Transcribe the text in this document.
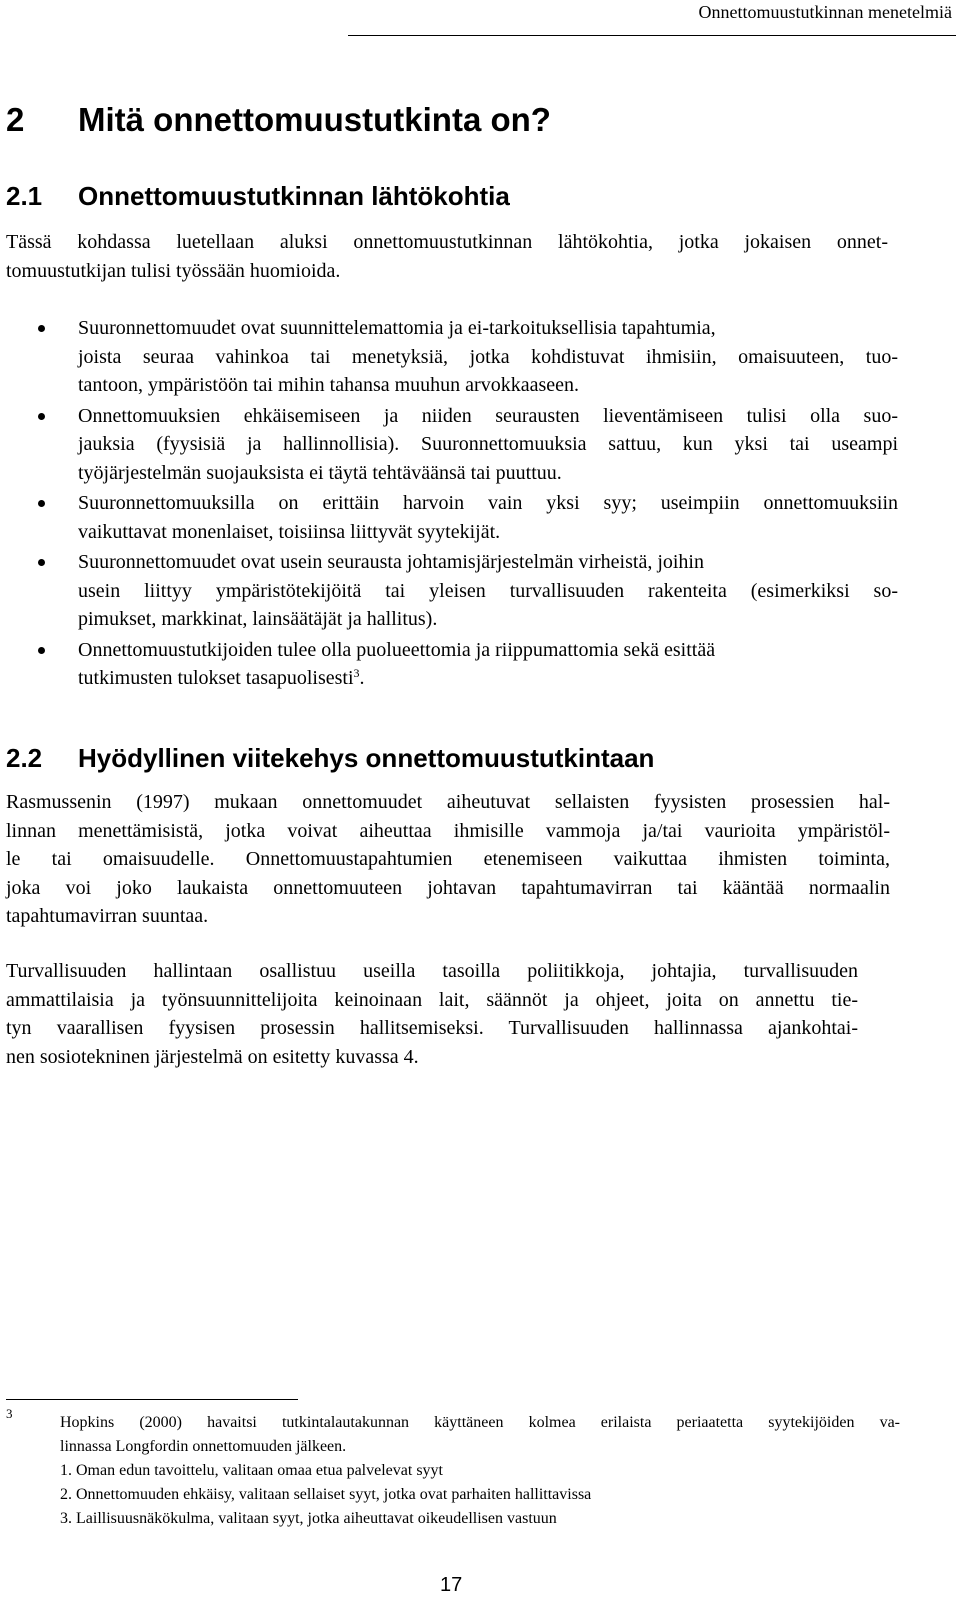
Onnettomuustutkinnan menetelmiä
2 Mitä onnettomuustutkinta on?
2.1 Onnettomuustutkinnan lähtökohtia

Tässä kohdassa luetellaan aluksi onnettomuustutkinnan lähtökohtia, jotka jokaisen onnet-
tomuustutkijan tulisi työssään huomioida.

Suuronnettomuudet ovat suunnittelemattomia ja ei-tarkoituksellisia tapahtumia,
joista seuraa vahinkoa tai menetyksiä, jotka kohdistuvat ihmisiin, omaisuuteen, tuo-
tantoon, ympäristöön tai mihin tahansa muuhun arvokkaaseen.
Onnettomuuksien ehkäisemiseen ja niiden seurausten lieventämiseen tulisi olla suo-
jauksia (fyysisiä ja hallinnollisia). Suuronnettomuuksia sattuu, kun yksi tai useampi
työjärjestelmän suojauksista ei täytä tehtäväänsä tai puuttuu.
Suuronnettomuuksilla on erittäin harvoin vain yksi syy; useimpiin onnettomuuksiin
vaikuttavat monenlaiset, toisiinsa liittyvät syytekijät.
Suuronnettomuudet ovat usein seurausta johtamisjärjestelmän virheistä, joihin
usein liittyy ympäristötekijöitä tai yleisen turvallisuuden rakenteita (esimerkiksi so-
pimukset, markkinat, lainsäätäjät ja hallitus).
Onnettomuustutkijoiden tulee olla puolueettomia ja riippumattomia sekä esittää
tutkimusten tulokset tasapuolisesti$^3$.
2.2 Hyödyllinen viitekehys onnettomuustutkintaan

Rasmussenin (1997) mukaan onnettomuudet aiheutuvat sellaisten fyysisten prosessien hal-
linnan menettämisistä, jotka voivat aiheuttaa ihmisille vammoja ja/tai vaurioita ympäristöl-
le tai omaisuudelle. Onnettomuustapahtumien etenemiseen vaikuttaa ihmisten toiminta,
joka voi joko laukaista onnettomuuteen johtavan tapahtumavirran tai kääntää normaalin
tapahtumavirran suuntaa.

Turvallisuuden hallintaan osallistuu useilla tasoilla poliitikkoja, johtajia, turvallisuuden
ammattilaisia ja työnsuunnittelijoita keinoinaan lait, säännöt ja ohjeet, joita on annettu tie-
tyn vaarallisen fyysisen prosessin hallitsemiseksi. Turvallisuuden hallinnassa ajankohtai-
nen sosiotekninen järjestelmä on esitetty kuvassa 4.

3
Hopkins (2000) havaitsi tutkintalautakunnan käyttäneen kolmea erilaista periaatetta syytekijöiden va-
linnassa Longfordin onnettomuuden jälkeen.
1. Oman edun tavoittelu, valitaan omaa etua palvelevat syyt
2. Onnettomuuden ehkäisy, valitaan sellaiset syyt, jotka ovat parhaiten hallittavissa
3. Laillisuusnäkökulma, valitaan syyt, jotka aiheuttavat oikeudellisen vastuun
17
